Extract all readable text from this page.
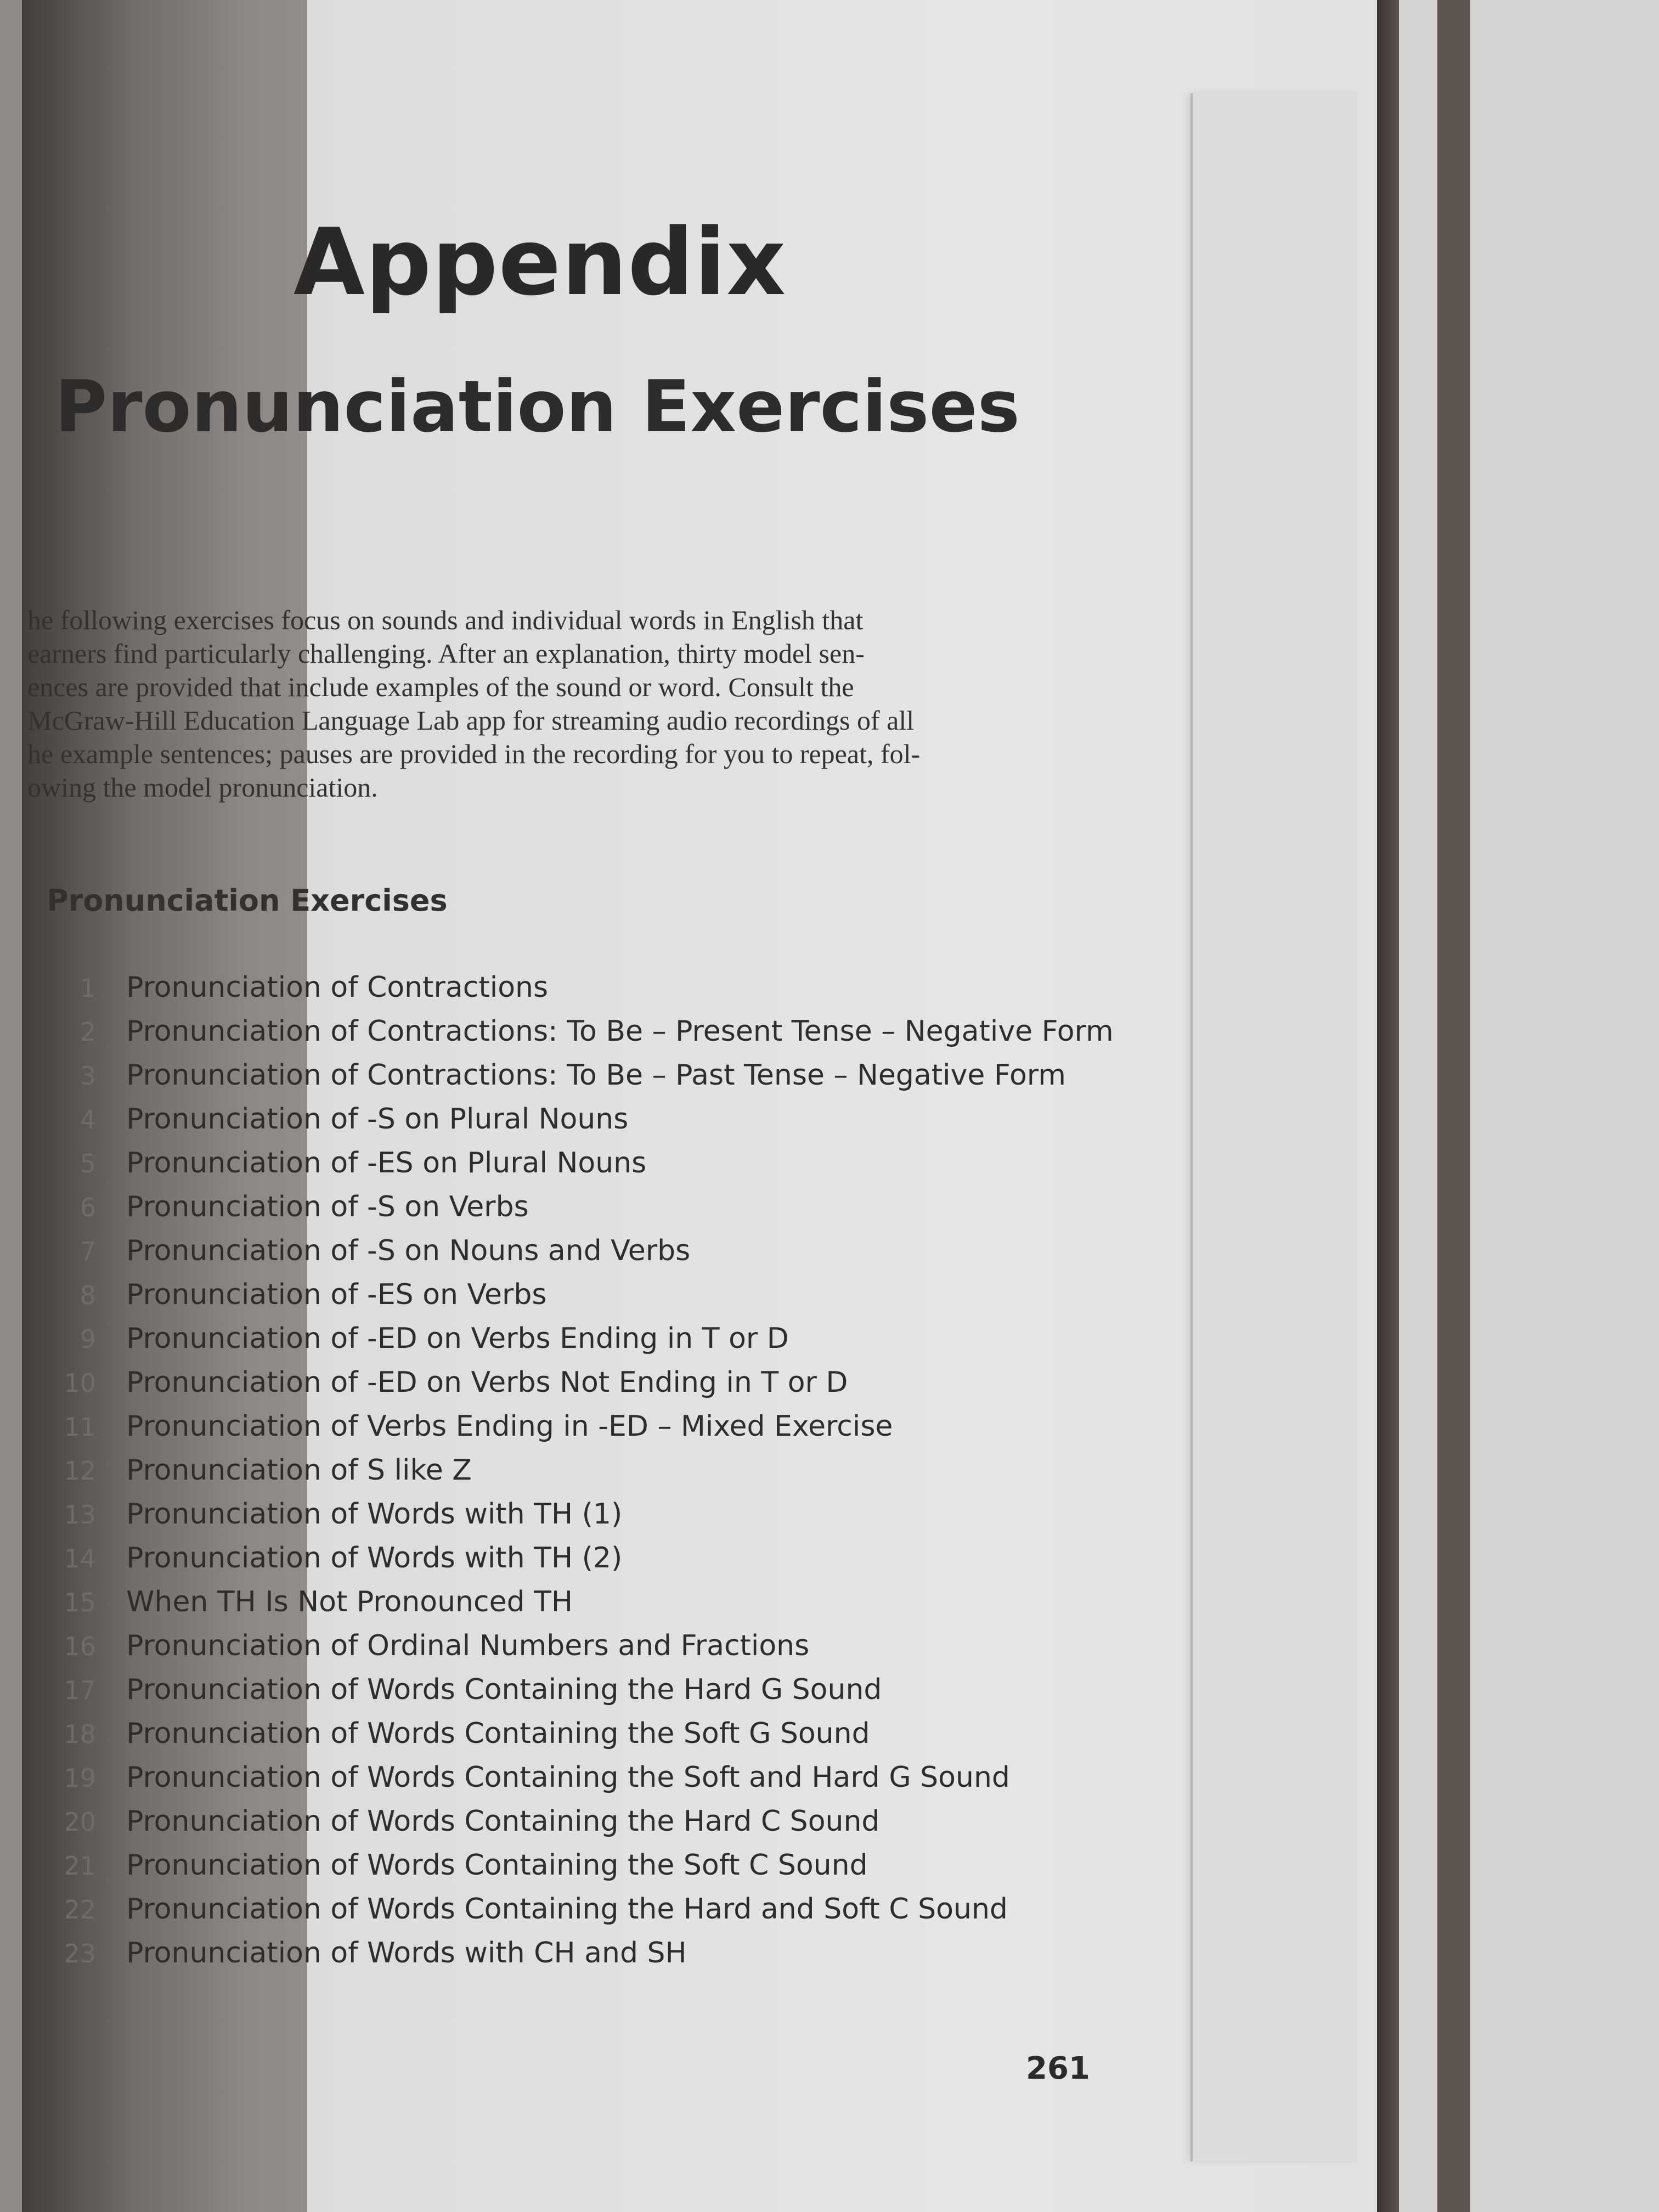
Appendix
Pronunciation Exercises
he following exercises focus on sounds and individual words in English that
earners find particularly challenging. After an explanation, thirty model sen-
ences are provided that include examples of the sound or word. Consult the
McGraw-Hill Education Language Lab app for streaming audio recordings of all
he example sentences; pauses are provided in the recording for you to repeat, fol-
owing the model pronunciation.
Pronunciation Exercises
1 Pronunciation of Contractions
2 Pronunciation of Contractions: To Be – Present Tense – Negative Form
3 Pronunciation of Contractions: To Be – Past Tense – Negative Form
4 Pronunciation of -S on Plural Nouns
5 Pronunciation of -ES on Plural Nouns
6 Pronunciation of -S on Verbs
7 Pronunciation of -S on Nouns and Verbs
8 Pronunciation of -ES on Verbs
9 Pronunciation of -ED on Verbs Ending in T or D
10 Pronunciation of -ED on Verbs Not Ending in T or D
11 Pronunciation of Verbs Ending in -ED – Mixed Exercise
12 Pronunciation of S like Z
13 Pronunciation of Words with TH (1)
14 Pronunciation of Words with TH (2)
15 When TH Is Not Pronounced TH
16 Pronunciation of Ordinal Numbers and Fractions
17 Pronunciation of Words Containing the Hard G Sound
18 Pronunciation of Words Containing the Soft G Sound
19 Pronunciation of Words Containing the Soft and Hard G Sound
20 Pronunciation of Words Containing the Hard C Sound
21 Pronunciation of Words Containing the Soft C Sound
22 Pronunciation of Words Containing the Hard and Soft C Sound
23 Pronunciation of Words with CH and SH
261
